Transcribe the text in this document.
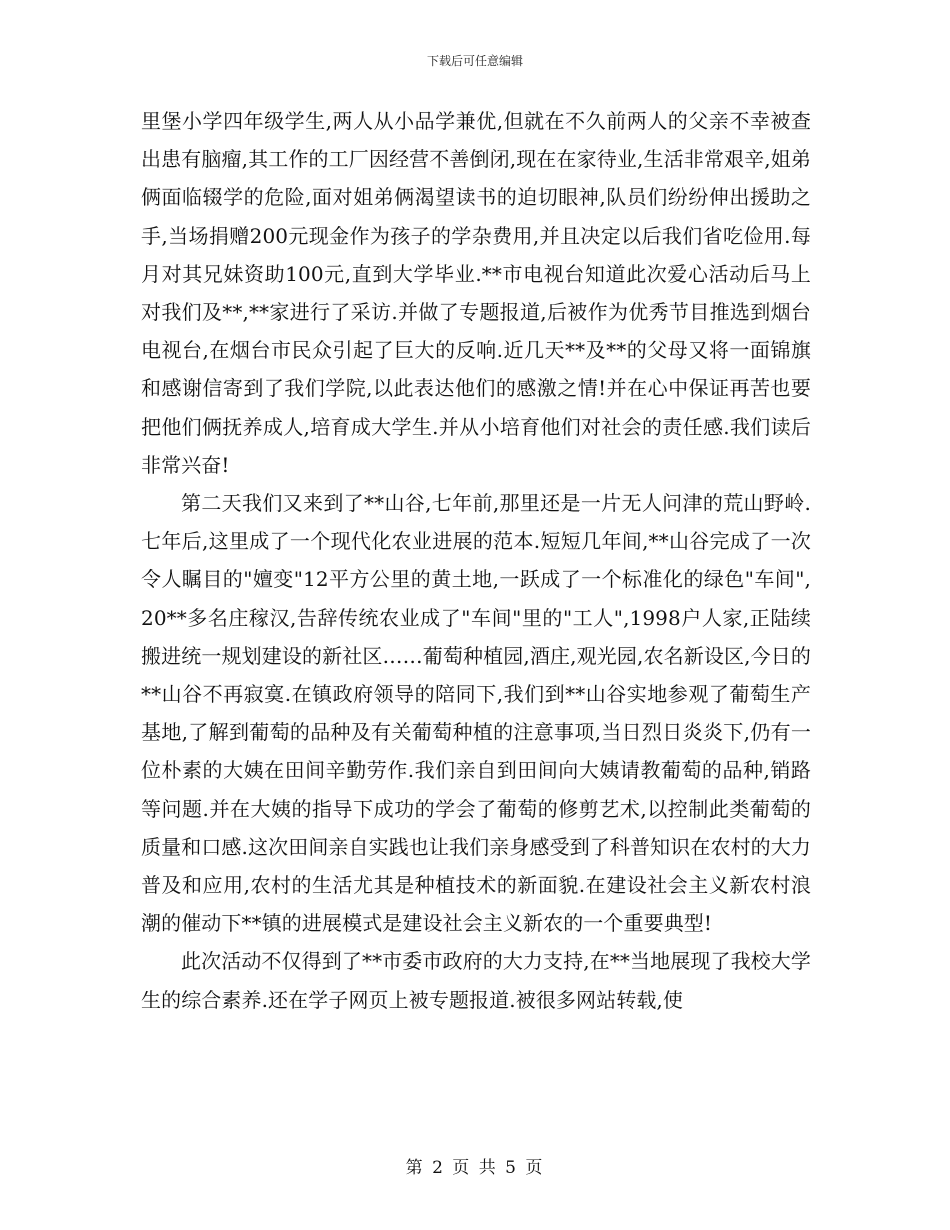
下载后可任意编辑

里堡小学四年级学生,两人从小品学兼优,但就在不久前两人的父亲不幸被查出患有脑瘤,其工作的工厂因经营不善倒闭,现在在家待业,生活非常艰辛,姐弟俩面临辍学的危险,面对姐弟俩渴望读书的迫切眼神,队员们纷纷伸出援助之手,当场捐赠200元现金作为孩子的学杂费用,并且决定以后我们省吃俭用.每月对其兄妹资助100元,直到大学毕业.**市电视台知道此次爱心活动后马上对我们及**,**家进行了采访.并做了专题报道,后被作为优秀节目推选到烟台电视台,在烟台市民众引起了巨大的反响.近几天**及**的父母又将一面锦旗和感谢信寄到了我们学院,以此表达他们的感激之情!并在心中保证再苦也要把他们俩抚养成人,培育成大学生.并从小培育他们对社会的责任感.我们读后非常兴奋!

第二天我们又来到了**山谷,七年前,那里还是一片无人问津的荒山野岭.七年后,这里成了一个现代化农业进展的范本.短短几年间,**山谷完成了一次令人瞩目的"嬗变"12平方公里的黄土地,一跃成了一个标准化的绿色"车间",20**多名庄稼汉,告辞传统农业成了"车间"里的"工人",1998户人家,正陆续搬进统一规划建设的新社区……葡萄种植园,酒庄,观光园,农名新设区,今日的**山谷不再寂寞.在镇政府领导的陪同下,我们到**山谷实地参观了葡萄生产基地,了解到葡萄的品种及有关葡萄种植的注意事项,当日烈日炎炎下,仍有一位朴素的大姨在田间辛勤劳作.我们亲自到田间向大姨请教葡萄的品种,销路等问题.并在大姨的指导下成功的学会了葡萄的修剪艺术,以控制此类葡萄的质量和口感.这次田间亲自实践也让我们亲身感受到了科普知识在农村的大力普及和应用,农村的生活尤其是种植技术的新面貌.在建设社会主义新农村浪潮的催动下**镇的进展模式是建设社会主义新农的一个重要典型!

此次活动不仅得到了**市委市政府的大力支持,在**当地展现了我校大学生的综合素养.还在学子网页上被专题报道.被很多网站转载,使

第 2 页 共 5 页
